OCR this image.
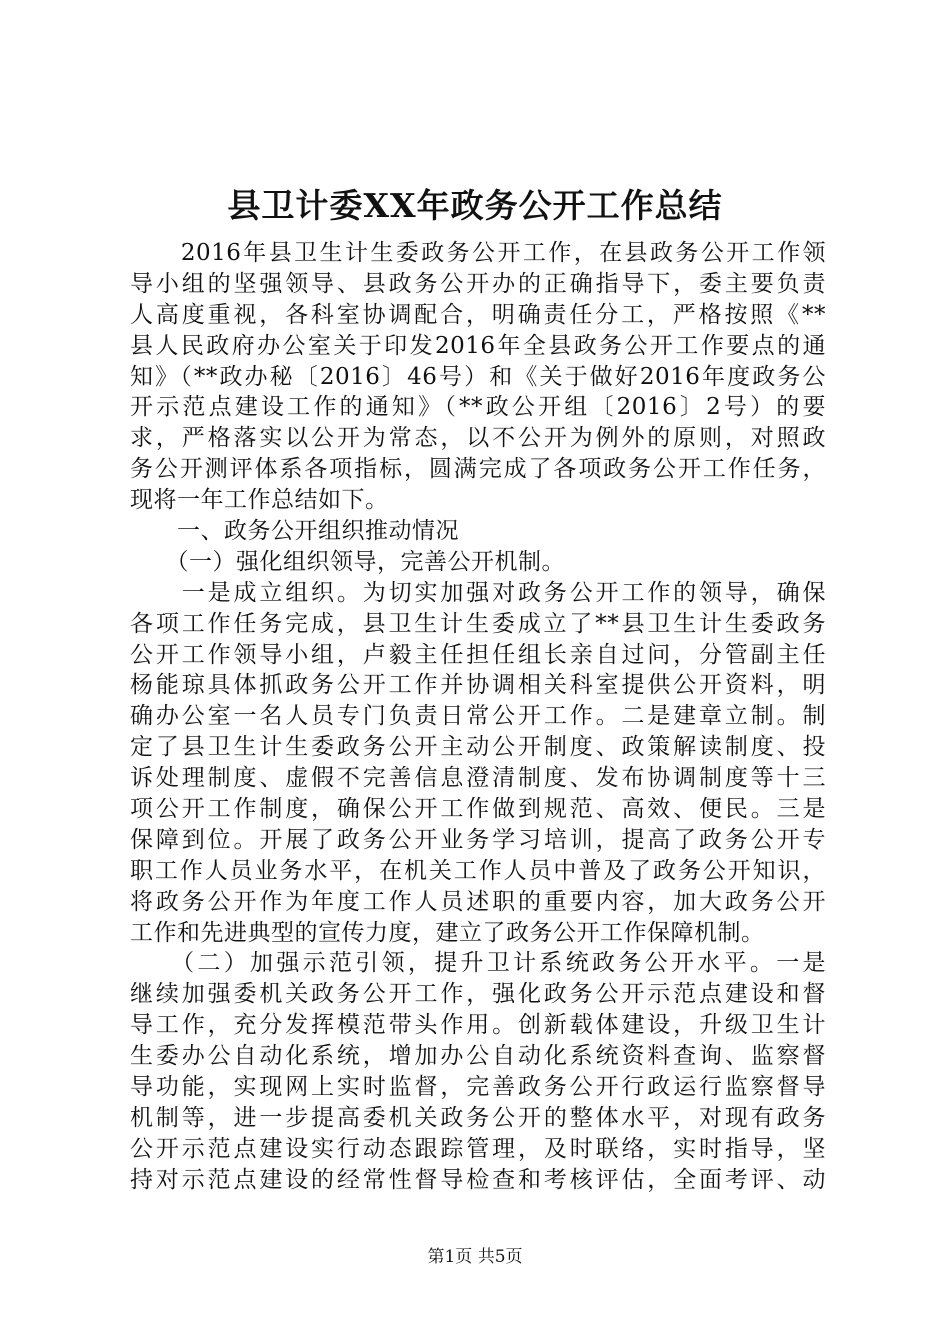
县卫计委XX年政务公开工作总结
　　2016年县卫生计生委政务公开工作，在县政务公开工作领
导小组的坚强领导、县政务公开办的正确指导下，委主要负责
人高度重视，各科室协调配合，明确责任分工，严格按照《**
县人民政府办公室关于印发2016年全县政务公开工作要点的通
知》（**政办秘〔2016〕46号）和《关于做好2016年度政务公
开示范点建设工作的通知》（**政公开组〔2016〕2号）的要
求，严格落实以公开为常态，以不公开为例外的原则，对照政
务公开测评体系各项指标，圆满完成了各项政务公开工作任务，
现将一年工作总结如下。
　　一、政务公开组织推动情况
　　（一）强化组织领导，完善公开机制。
　　一是成立组织。为切实加强对政务公开工作的领导，确保
各项工作任务完成，县卫生计生委成立了**县卫生计生委政务
公开工作领导小组，卢毅主任担任组长亲自过问，分管副主任
杨能琼具体抓政务公开工作并协调相关科室提供公开资料，明
确办公室一名人员专门负责日常公开工作。二是建章立制。制
定了县卫生计生委政务公开主动公开制度、政策解读制度、投
诉处理制度、虚假不完善信息澄清制度、发布协调制度等十三
项公开工作制度，确保公开工作做到规范、高效、便民。三是
保障到位。开展了政务公开业务学习培训，提高了政务公开专
职工作人员业务水平，在机关工作人员中普及了政务公开知识，
将政务公开作为年度工作人员述职的重要内容，加大政务公开
工作和先进典型的宣传力度，建立了政务公开工作保障机制。
　　（二）加强示范引领，提升卫计系统政务公开水平。一是
继续加强委机关政务公开工作，强化政务公开示范点建设和督
导工作，充分发挥模范带头作用。创新载体建设，升级卫生计
生委办公自动化系统，增加办公自动化系统资料查询、监察督
导功能，实现网上实时监督，完善政务公开行政运行监察督导
机制等，进一步提高委机关政务公开的整体水平，对现有政务
公开示范点建设实行动态跟踪管理，及时联络，实时指导，坚
持对示范点建设的经常性督导检查和考核评估，全面考评、动
第1页 共5页
